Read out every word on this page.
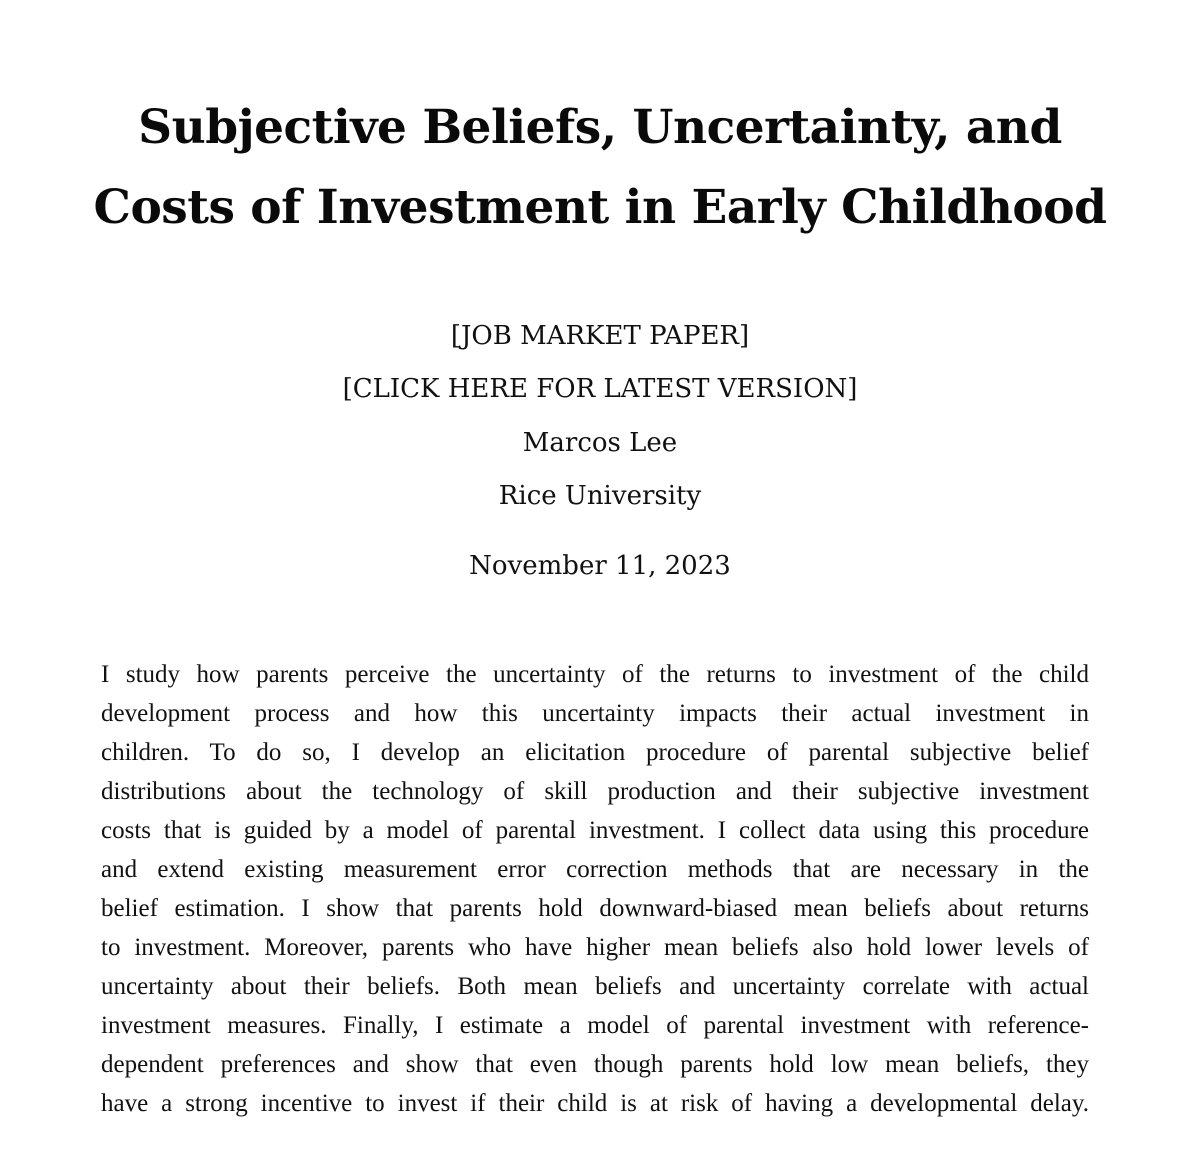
Subjective Beliefs, Uncertainty, and
Costs of Investment in Early Childhood
[JOB MARKET PAPER]
[CLICK HERE FOR LATEST VERSION]
Marcos Lee
Rice University
November 11, 2023
I study how parents perceive the uncertainty of the returns to investment of the child
development process and how this uncertainty impacts their actual investment in
children. To do so, I develop an elicitation procedure of parental subjective belief
distributions about the technology of skill production and their subjective investment
costs that is guided by a model of parental investment. I collect data using this procedure
and extend existing measurement error correction methods that are necessary in the
belief estimation. I show that parents hold downward-biased mean beliefs about returns
to investment. Moreover, parents who have higher mean beliefs also hold lower levels of
uncertainty about their beliefs. Both mean beliefs and uncertainty correlate with actual
investment measures. Finally, I estimate a model of parental investment with reference-
dependent preferences and show that even though parents hold low mean beliefs, they
have a strong incentive to invest if their child is at risk of having a developmental delay.
